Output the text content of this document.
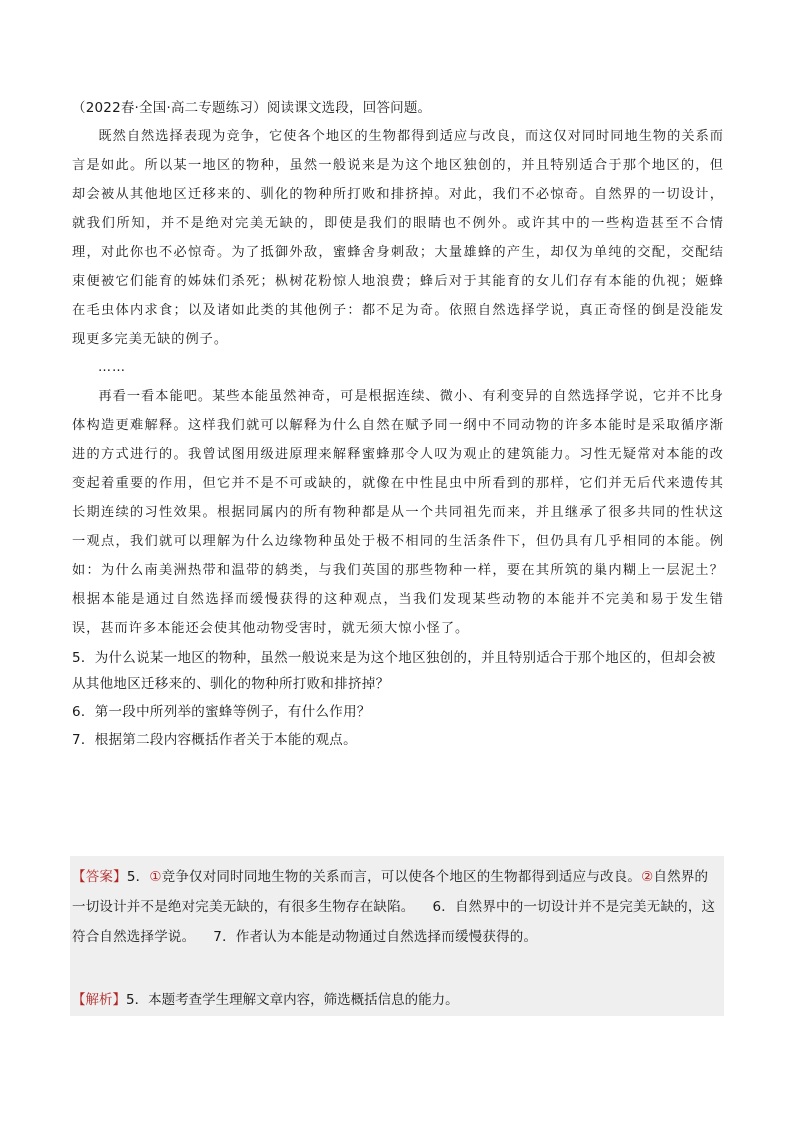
（2022春·全国·高二专题练习）阅读课文选段，回答问题。

既然自然选择表现为竞争，它使各个地区的生物都得到适应与改良，而这仅对同时同地生物的关系而言是如此。所以某一地区的物种，虽然一般说来是为这个地区独创的，并且特别适合于那个地区的，但却会被从其他地区迁移来的、驯化的物种所打败和排挤掉。对此，我们不必惊奇。自然界的一切设计，就我们所知，并不是绝对完美无缺的，即使是我们的眼睛也不例外。或许其中的一些构造甚至不合情理，对此你也不必惊奇。为了抵御外敌，蜜蜂舍身刺敌；大量雄蜂的产生，却仅为单纯的交配，交配结束便被它们能育的姊妹们杀死；枞树花粉惊人地浪费；蜂后对于其能育的女儿们存有本能的仇视；姬蜂在毛虫体内求食；以及诸如此类的其他例子：都不足为奇。依照自然选择学说，真正奇怪的倒是没能发现更多完美无缺的例子。

……

再看一看本能吧。某些本能虽然神奇，可是根据连续、微小、有利变异的自然选择学说，它并不比身体构造更难解释。这样我们就可以解释为什么自然在赋予同一纲中不同动物的许多本能时是采取循序渐进的方式进行的。我曾试图用级进原理来解释蜜蜂那令人叹为观止的建筑能力。习性无疑常对本能的改变起着重要的作用，但它并不是不可或缺的，就像在中性昆虫中所看到的那样，它们并无后代来遗传其长期连续的习性效果。根据同属内的所有物种都是从一个共同祖先而来，并且继承了很多共同的性状这一观点，我们就可以理解为什么边缘物种虽处于极不相同的生活条件下，但仍具有几乎相同的本能。例如：为什么南美洲热带和温带的鸫类，与我们英国的那些物种一样，要在其所筑的巢内糊上一层泥土？根据本能是通过自然选择而缓慢获得的这种观点，当我们发现某些动物的本能并不完美和易于发生错误，甚而许多本能还会使其他动物受害时，就无须大惊小怪了。

5．为什么说某一地区的物种，虽然一般说来是为这个地区独创的，并且特别适合于那个地区的，但却会被从其他地区迁移来的、驯化的物种所打败和排挤掉？

6．第一段中所列举的蜜蜂等例子，有什么作用？

7．根据第二段内容概括作者关于本能的观点。

【答案】5．①竞争仅对同时同地生物的关系而言，可以使各个地区的生物都得到适应与改良。②自然界的一切设计并不是绝对完美无缺的，有很多生物存在缺陷。 6．自然界中的一切设计并不是完美无缺的，这符合自然选择学说。 7．作者认为本能是动物通过自然选择而缓慢获得的。
【解析】5．本题考查学生理解文章内容，筛选概括信息的能力。
